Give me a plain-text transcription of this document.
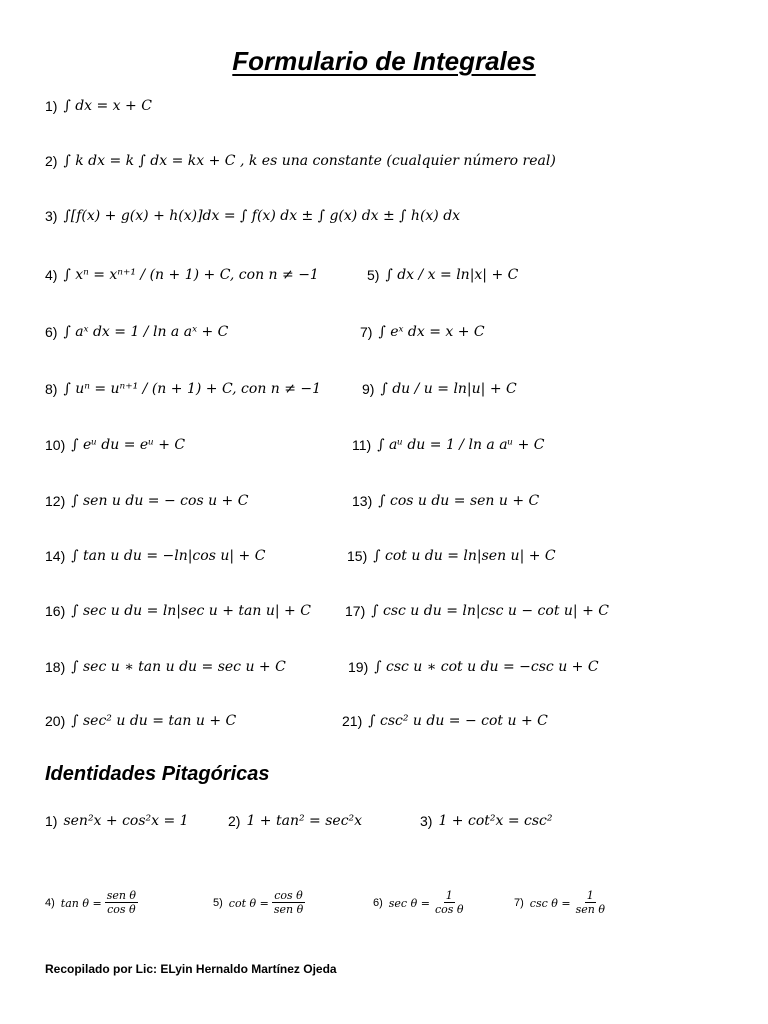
Formulario de Integrales
1) ∫ dx = x + C
2) ∫ k dx = k ∫ dx = kx + C , k es una constante (cualquier número real)
3) ∫[f(x) + g(x) + h(x)]dx = ∫ f(x) dx ± ∫ g(x) dx ± ∫ h(x) dx
4) ∫ xⁿ = xⁿ⁺¹ / (n + 1) + C, con n ≠ −1	5) ∫ dx / x = ln|x| + C
6) ∫ aˣ dx = 1 / ln a aˣ + C	7) ∫ eˣ dx = x + C
8) ∫ uⁿ = uⁿ⁺¹ / (n + 1) + C, con n ≠ −1	9) ∫ du / u = ln|u| + C
10) ∫ eᵘ du = eᵘ + C	11) ∫ aᵘ du = 1 / ln a aᵘ + C
12) ∫ sen u du = − cos u + C	13) ∫ cos u du = sen u + C
14) ∫ tan u du = −ln|cos u| + C	15) ∫ cot u du = ln|sen u| + C
16) ∫ sec u du = ln|sec u + tan u| + C 17) ∫ csc u du = ln|csc u − cot u| + C
18) ∫ sec u ∗ tan u du = sec u + C	19) ∫ csc u ∗ cot u du = −csc u + C
20) ∫ sec² u du = tan u + C	21) ∫ csc² u du = − cot u + C
Identidades Pitagóricas
1) sen²x + cos²x = 1	2) 1 + tan² = sec²x	3) 1 + cot²x = csc²
4) $\tan \theta = \frac{\text{sen θ}}{\text{cos θ}}$	5) $\cot \theta = \frac{\text{cos θ}}{\text{sen θ}}$	6) $\sec \theta = \frac{1}{\text{cos θ}}$	7) $\csc \theta = \frac{1}{\text{sen θ}}$
Recopilado por Lic: ELyin Hernaldo Martínez Ojeda
